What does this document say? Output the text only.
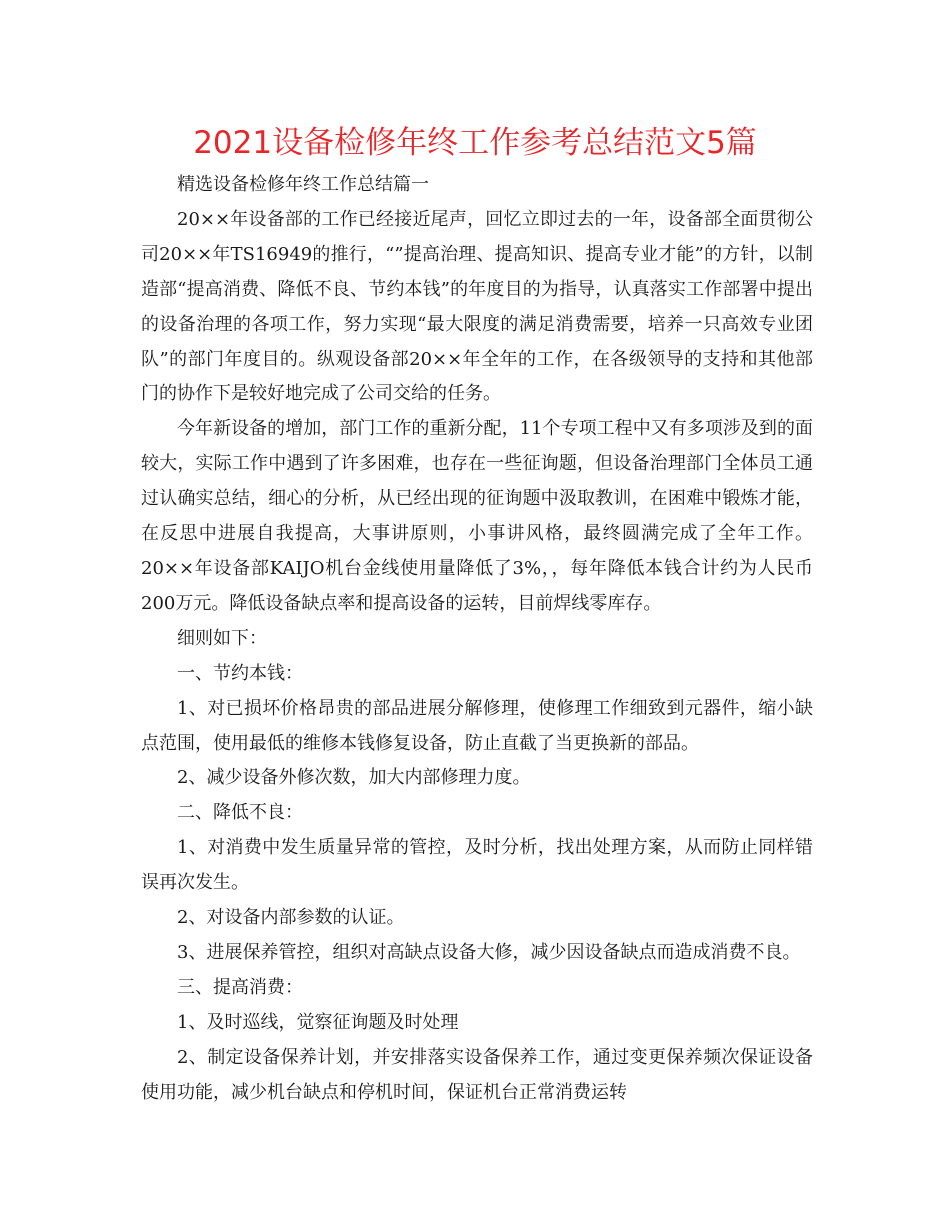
2021设备检修年终工作参考总结范文5篇

精选设备检修年终工作总结篇一

20××年设备部的工作已经接近尾声，回忆立即过去的一年，设备部全面贯彻公司20××年TS16949的推行，“”提高治理、提高知识、提高专业才能”的方针，以制造部“提高消费、降低不良、节约本钱”的年度目的为指导，认真落实工作部署中提出的设备治理的各项工作，努力实现“最大限度的满足消费需要，培养一只高效专业团队”的部门年度目的。纵观设备部20××年全年的工作，在各级领导的支持和其他部门的协作下是较好地完成了公司交给的任务。

今年新设备的增加，部门工作的重新分配，11个专项工程中又有多项涉及到的面较大，实际工作中遇到了许多困难，也存在一些征询题，但设备治理部门全体员工通过认确实总结，细心的分析，从已经出现的征询题中汲取教训，在困难中锻炼才能，在反思中进展自我提高，大事讲原则，小事讲风格，最终圆满完成了全年工作。20××年设备部KAIJO机台金线使用量降低了3%，，每年降低本钱合计约为人民币200万元。降低设备缺点率和提高设备的运转，目前焊线零库存。

细则如下：

一、节约本钱：

1、对已损坏价格昂贵的部品进展分解修理，使修理工作细致到元器件，缩小缺点范围，使用最低的维修本钱修复设备，防止直截了当更换新的部品。

2、减少设备外修次数，加大内部修理力度。

二、降低不良：

1、对消费中发生质量异常的管控，及时分析，找出处理方案，从而防止同样错误再次发生。

2、对设备内部参数的认证。

3、进展保养管控，组织对高缺点设备大修，减少因设备缺点而造成消费不良。

三、提高消费：

1、及时巡线，觉察征询题及时处理

2、制定设备保养计划，并安排落实设备保养工作，通过变更保养频次保证设备使用功能，减少机台缺点和停机时间，保证机台正常消费运转
